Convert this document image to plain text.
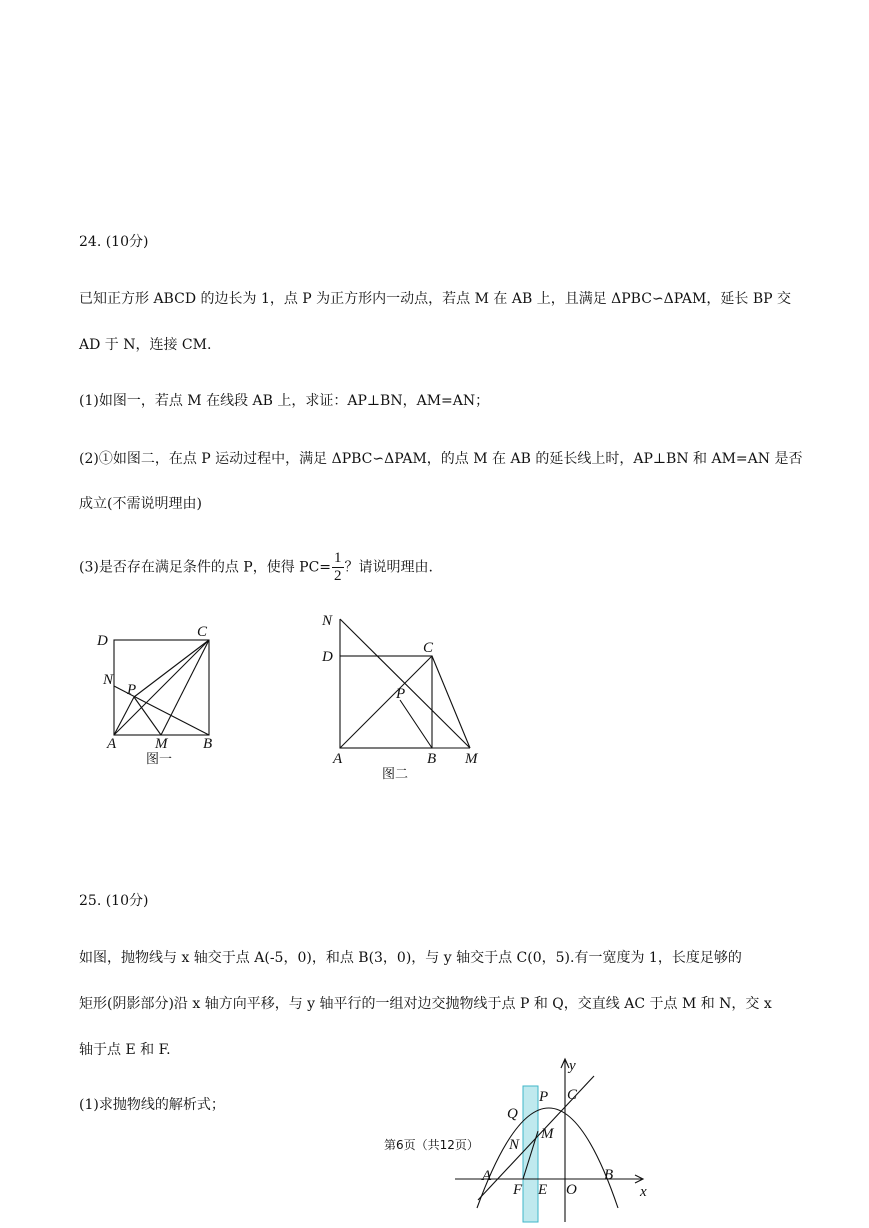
24. (10分)
已知正方形 ABCD 的边长为 1，点 P 为正方形内一动点，若点 M 在 AB 上，且满足 ΔPBC∽ΔPAM，延长 BP 交
AD 于 N，连接 CM.
(1)如图一，若点 M 在线段 AB 上，求证：AP⊥BN，AM=AN；
(2)①如图二，在点 P 运动过程中，满足 ΔPBC∽ΔPAM，的点 M 在 AB 的延长线上时，AP⊥BN 和 AM=AN 是否
成立(不需说明理由)
(3)是否存在满足条件的点 P，使得 $PC= \frac{1}{2}$ ？请说明理由.
D
C
N
P
A	M B
图一
N
D
C
P
A	B M
图二
25. (10分)
如图，抛物线与 x 轴交于点 A(-5，0)，和点 B(3，0)，与 y 轴交于点 C(0，5).有一宽度为 1，长度足够的
矩形(阴影部分)沿 x 轴方向平移，与 y 轴平行的一组对边交抛物线于点 P 和 Q，交直线 AC 于点 M 和 N，交 x
轴于点 E 和 F.
(1)求抛物线的解析式；
y
x
P C
Q
M
N
A	B
F E O
第6页（共12页）
